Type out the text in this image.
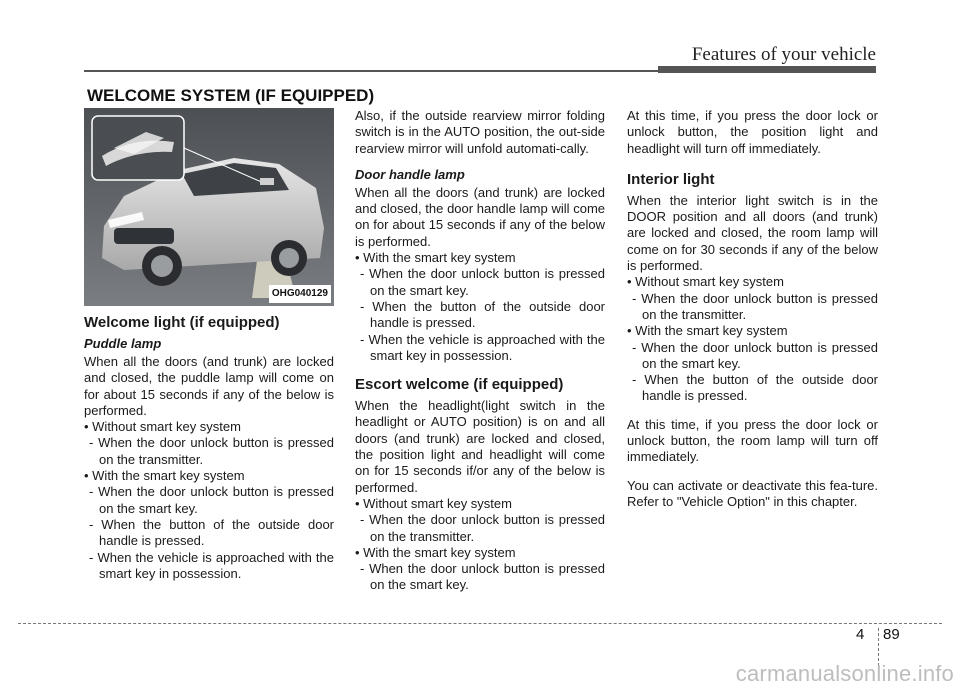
Features of your vehicle
WELCOME SYSTEM (IF EQUIPPED)
OHG040129

Welcome light (if equipped)

Puddle lamp

When all the doors (and trunk) are locked and closed, the puddle lamp will come on for about 15 seconds if any of the below is performed.

• Without smart key system

- When the door unlock button is pressed on the transmitter.

• With the smart key system

- When the door unlock button is pressed on the smart key.

- When the button of the outside door handle is pressed.

- When the vehicle is approached with the smart key in possession.

Also, if the outside rearview mirror folding switch is in the AUTO position, the out-side rearview mirror will unfold automati-cally.

Door handle lamp

When all the doors (and trunk) are locked and closed, the door handle lamp will come on for about 15 seconds if any of the below is performed.

• With the smart key system

- When the door unlock button is pressed on the smart key.

- When the button of the outside door handle is pressed.

- When the vehicle is approached with the smart key in possession.

Escort welcome (if equipped)

When the headlight(light switch in the headlight or AUTO position) is on and all doors (and trunk) are locked and closed, the position light and headlight will come on for 15 seconds if/or any of the below is performed.

• Without smart key system

- When the door unlock button is pressed on the transmitter.

• With the smart key system

- When the door unlock button is pressed on the smart key.

At this time, if you press the door lock or unlock button, the position light and headlight will turn off immediately.

Interior light

When the interior light switch is in the DOOR position and all doors (and trunk) are locked and closed, the room lamp will come on for 30 seconds if any of the below is performed.

• Without smart key system

- When the door unlock button is pressed on the transmitter.

• With the smart key system

- When the door unlock button is pressed on the smart key.

- When the button of the outside door handle is pressed.

At this time, if you press the door lock or unlock button, the room lamp will turn off immediately.

You can activate or deactivate this fea-ture. Refer to "Vehicle Option" in this chapter.

4 89
carmanualsonline.info
